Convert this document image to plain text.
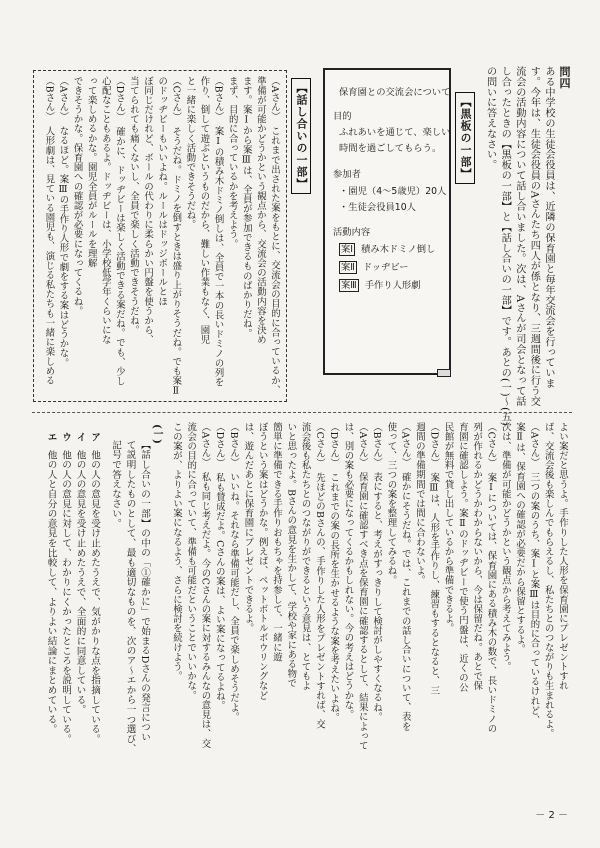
問四
ある中学校の生徒会役員は、近隣の保育園と毎年交流会を行っていま
す。今年は、生徒会役員のAさんたち四人が係となり、三週間後に行う交
流会の活動内容について話し合いました。次は、Aさんが司会となって話
し合ったときの【黒板の一部】と【話し合いの一部】です。あとの(一)〜(五)
の問いに答えなさい。
【黒板の一部】
保育園との交流会について
目的
ふれあいを通じて、楽しい
時間を過ごしてもらう。
参加者
・園児（4〜5歳児）20人
・生徒会役員10人
活動内容
案Ⅰ 積み木ドミノ倒し
案Ⅱ ドッヂビー
案Ⅲ 手作り人形劇
【話し合いの一部】
（Aさん）　これまで出された案をもとに、交流会の目的に合っているか、
準備が可能かどうかという観点から、交流会の活動内容を決め
ます。案Ⅰから案Ⅲは、全員が参加できるものばかりだね。
まず、目的に合っているかを考えよう。
（Bさん）　案Ⅰの積み木ドミノ倒しは、全員で一本の長いドミノの列を
作り、倒して遊ぶというものだから、難しい作業もなく、園児
と一緒に楽しく活動できそうだね。
（Cさん）　そうだね。ドミノを倒すときは盛り上がりそうだね。でも案Ⅱ
のドッヂビーもいいよね。ルールはドッジボールとほ
ぼ同じだけれど、ボールの代わりに柔らかい円盤を使うから、
当てられても痛くないし、全員で楽しく活動できそうだね。
（Dさん）　確かに、ドッヂビーは楽しく活動できる案だね。でも、少し
心配なこともあるよ。ドッヂビーは、小学校低学年くらいにな
って楽しめるかな。園児全員がルールを理解
できそうかな。保育園への確認が必要になってくるね。
（Aさん）　なるほど。案Ⅲの手作り人形で劇をする案はどうかな。
（Bさん）　人形劇は、見ている園児も、演じる私たちも一緒に楽しめる
よい案だと思うよ。手作りした人形を保育園にプレゼントすれ
ば、交流会後も楽しんでもらえるし、私たちとのつながりも生まれるよ。
（Aさん）　三つの案のうち、案Ⅰと案Ⅲは目的に合っているけれど、
案Ⅱは、保育園への確認が必要だから保留とするよ。
次は、準備が可能かどうかという観点から考えてみよう。
（Cさん）　案Ⅰについては、保育園にある積み木の数で、長いドミノの
列が作れるかどうかわからないから、今は保留だね。あとで保
育園に確認しよう。案Ⅱのドッヂビーで使う円盤は、近くの公
民館が無料で貸し出しているから準備できるよ。
（Dさん）　案Ⅲは、人形を手作りし、練習もするとなると、三
週間の準備期間では間に合わないよ。
（Aさん）　確かにそうだね。では、これまでの話し合いについて、表を
使って、三つの案を整理してみるね。
（Bさん）　表にすると、考えがすっきりして検討がしやすくなるね。
（Aさん）　保育園に確認すべき点を保育園に確認するとして、結果によって
は、別の案も必要になってくるかもしれない。今の考えはどうかな。
（Dさん）　これまでの案の長所を生かせるような案を考えたいよね。
（Cさん）　先ほどのBさんの、手作りした人形をプレゼントすれば、交
流会後も私たちとのつながりができるという意見は、とてもよ
いと思ったよ。Bさんの意見を生かして、学校や家にある物で
簡単に準備できる手作りおもちゃを持参して、一緒に遊
ぼうという案はどうかな。例えば、ペットボトルボウリングなど
は、遊んだあとに保育園にプレゼントできるよ。
（Bさん）　いいね。それなら準備可能だし、全員で楽しめそうだよ。
（Dさん）　私も賛成だよ。Cさんの案は、よい案になってるよね。
（Aさん）　私も同じ考えだよ。今のCさんの案に対するみんなの意見は、交
流会の目的に合っていて、準備も可能だということでいいかな。
この案が、よりよい案になるよう、さらに検討を続けよう。
【話し合いの一部】の中の「①確かに」で始まるDさんの発言につい
て説明したものとして、最も適切なものを、次のア〜エから一つ選び、
記号で答えなさい。
(一)
ア他の人の意見を受け止めたうえで、気がかりな点を指摘している。
イ他の人の意見を受け止めたうえで、全面的に同意している。
ウ他の人の意見に対して、わかりにくかったところを説明している。
エ他の人と自分の意見を比較して、よりよい結論にまとめている。
－ 2 －
